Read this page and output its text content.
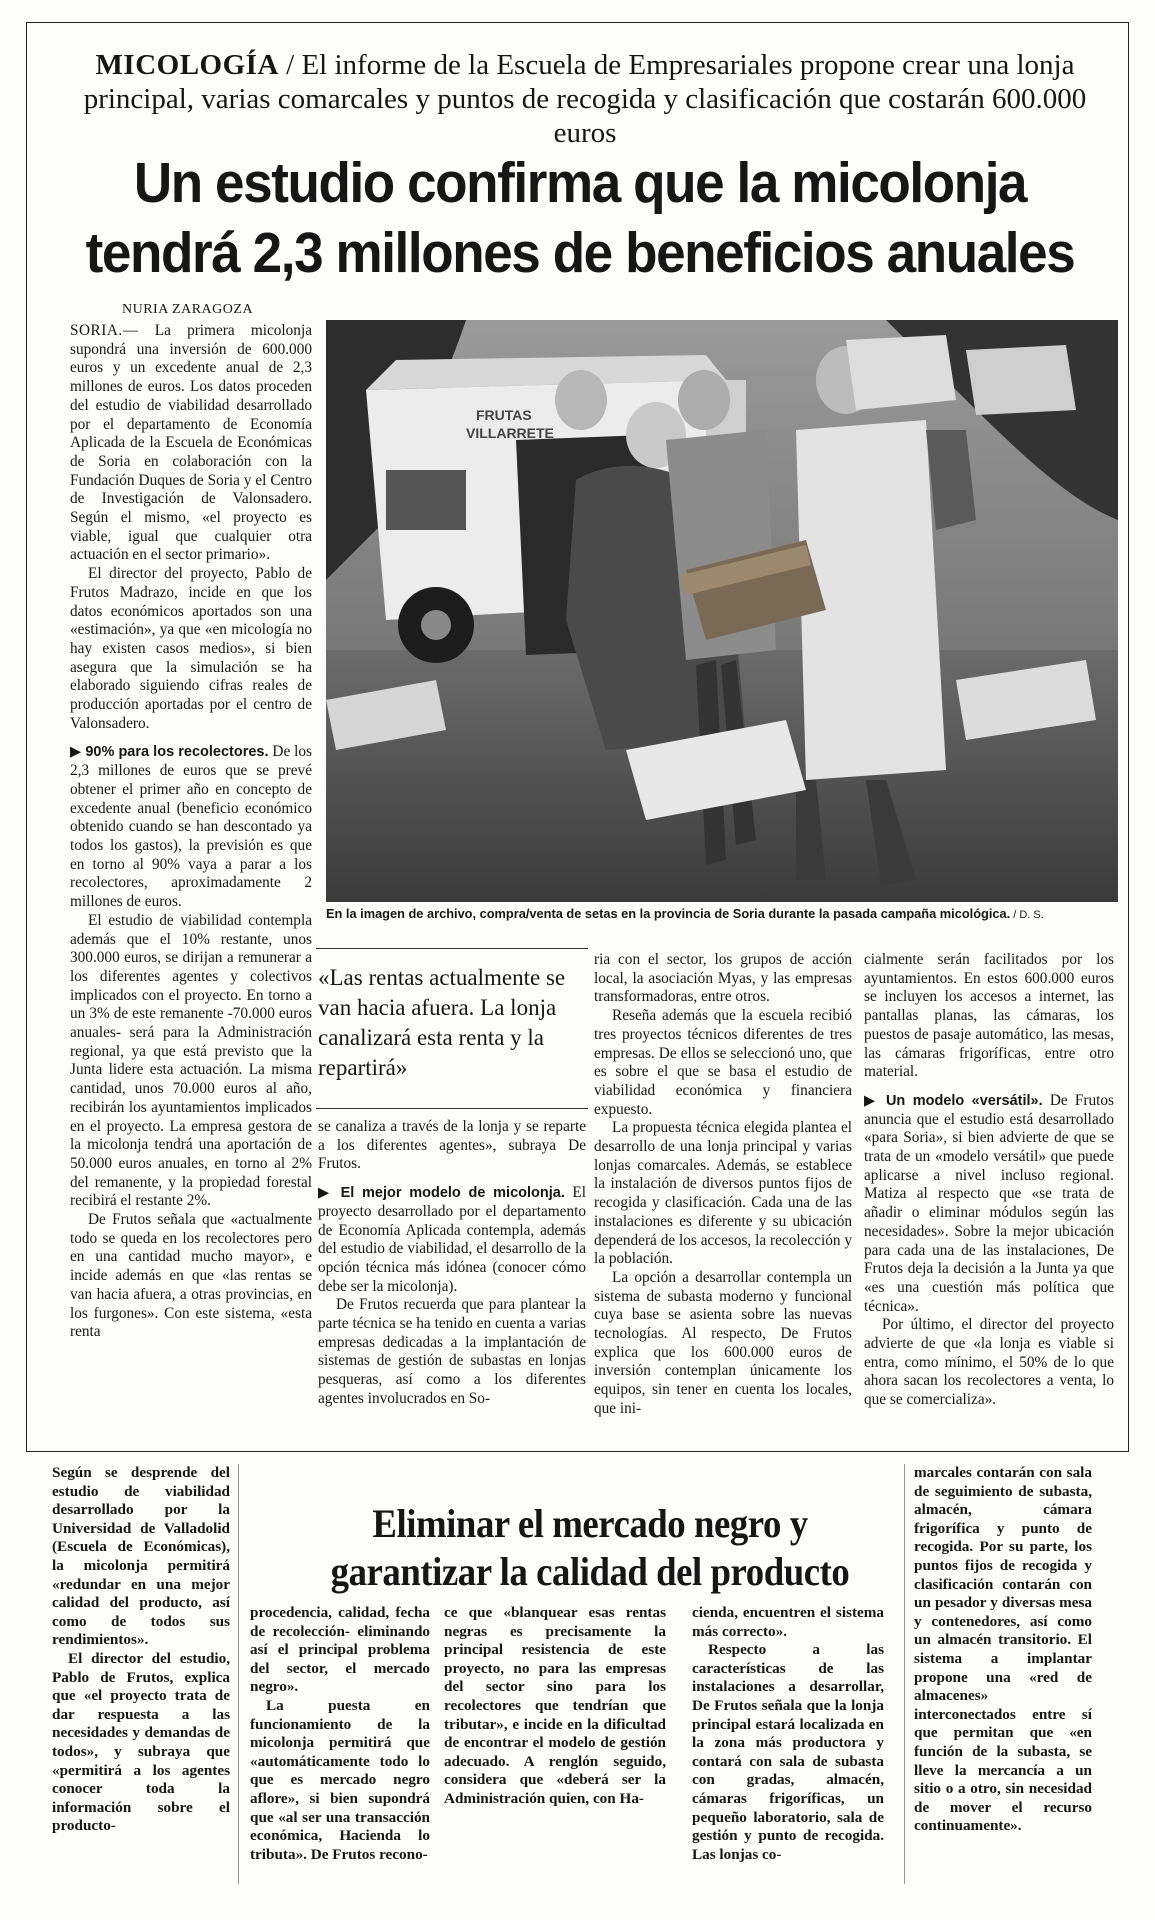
MICOLOGÍA / El informe de la Escuela de Empresariales propone crear una lonja principal, varias comarcales y puntos de recogida y clasificación que costarán 600.000 euros
Un estudio confirma que la micolonja
tendrá 2,3 millones de beneficios anuales
NURIA ZARAGOZA

SORIA.— La primera micolonja supondrá una inversión de 600.000 euros y un excedente anual de 2,3 millones de euros. Los datos proceden del estudio de viabilidad desarrollado por el departamento de Economía Aplicada de la Escuela de Económicas de Soria en colaboración con la Fundación Duques de Soria y el Centro de Investigación de Valonsadero. Según el mismo, «el proyecto es viable, igual que cualquier otra actuación en el sector primario».

El director del proyecto, Pablo de Frutos Madrazo, incide en que los datos económicos aportados son una «estimación», ya que «en micología no hay existen casos medios», si bien asegura que la simulación se ha elaborado siguiendo cifras reales de producción aportadas por el centro de Valonsadero.

▶ 90% para los recolectores. De los 2,3 millones de euros que se prevé obtener el primer año en concepto de excedente anual (beneficio económico obtenido cuando se han descontado ya todos los gastos), la previsión es que en torno al 90% vaya a parar a los recolectores, aproximadamente 2 millones de euros.

El estudio de viabilidad contempla además que el 10% restante, unos 300.000 euros, se dirijan a remunerar a los diferentes agentes y colectivos implicados con el proyecto. En torno a un 3% de este remanente -70.000 euros anuales- será para la Administración regional, ya que está previsto que la Junta lidere esta actuación. La misma cantidad, unos 70.000 euros al año, recibirán los ayuntamientos implicados en el proyecto. La empresa gestora de la micolonja tendrá una aportación de 50.000 euros anuales, en torno al 2% del remanente, y la propiedad forestal recibirá el restante 2%.

De Frutos señala que «actualmente todo se queda en los recolectores pero en una cantidad mucho mayor», e incide además en que «las rentas se van hacia afuera, a otras provincias, en los furgones». Con este sistema, «esta renta

FRUTAS
VILLARRETE
En la imagen de archivo, compra/venta de setas en la provincia de Soria durante la pasada campaña micológica. / D. S.
«Las rentas actualmente se van hacia afuera. La lonja canalizará esta renta y la repartirá»

se canaliza a través de la lonja y se reparte a los diferentes agentes», subraya De Frutos.

▶ El mejor modelo de micolonja. El proyecto desarrollado por el departamento de Economía Aplicada contempla, además del estudio de viabilidad, el desarrollo de la opción técnica más idónea (conocer cómo debe ser la micolonja).

De Frutos recuerda que para plantear la parte técnica se ha tenido en cuenta a varias empresas dedicadas a la implantación de sistemas de gestión de subastas en lonjas pesqueras, así como a los diferentes agentes involucrados en So-

ria con el sector, los grupos de acción local, la asociación Myas, y las empresas transformadoras, entre otros.

Reseña además que la escuela recibió tres proyectos técnicos diferentes de tres empresas. De ellos se seleccionó uno, que es sobre el que se basa el estudio de viabilidad económica y financiera expuesto.

La propuesta técnica elegida plantea el desarrollo de una lonja principal y varias lonjas comarcales. Además, se establece la instalación de diversos puntos fijos de recogida y clasificación. Cada una de las instalaciones es diferente y su ubicación dependerá de los accesos, la recolección y la población.

La opción a desarrollar contempla un sistema de subasta moderno y funcional cuya base se asienta sobre las nuevas tecnologías. Al respecto, De Frutos explica que los 600.000 euros de inversión contemplan únicamente los equipos, sin tener en cuenta los locales, que ini-

cialmente serán facilitados por los ayuntamientos. En estos 600.000 euros se incluyen los accesos a internet, las pantallas planas, las cámaras, los puestos de pasaje automático, las mesas, las cámaras frigoríficas, entre otro material.

▶ Un modelo «versátil». De Frutos anuncia que el estudio está desarrollado «para Soria», si bien advierte de que se trata de un «modelo versátil» que puede aplicarse a nivel incluso regional. Matiza al respecto que «se trata de añadir o eliminar módulos según las necesidades». Sobre la mejor ubicación para cada una de las instalaciones, De Frutos deja la decisión a la Junta ya que «es una cuestión más política que técnica».

Por último, el director del proyecto advierte de que «la lonja es viable si entra, como mínimo, el 50% de lo que ahora sacan los recolectores a venta, lo que se comercializa».

Eliminar el mercado negro y
garantizar la calidad del producto

Según se desprende del estudio de viabilidad desarrollado por la Universidad de Valladolid (Escuela de Económicas), la micolonja permitirá «redundar en una mejor calidad del producto, así como de todos sus rendimientos».

El director del estudio, Pablo de Frutos, explica que «el proyecto trata de dar respuesta a las necesidades y demandas de todos», y subraya que «permitirá a los agentes conocer toda la información sobre el producto-

procedencia, calidad, fecha de recolección- eliminando así el principal problema del sector, el mercado negro».

La puesta en funcionamiento de la micolonja permitirá que «automáticamente todo lo que es mercado negro aflore», si bien supondrá que «al ser una transacción económica, Hacienda lo tributa». De Frutos recono-

ce que «blanquear esas rentas negras es precisamente la principal resistencia de este proyecto, no para las empresas del sector sino para los recolectores que tendrían que tributar», e incide en la dificultad de encontrar el modelo de gestión adecuado. A renglón seguido, considera que «deberá ser la Administración quien, con Ha-

cienda, encuentren el sistema más correcto».

Respecto a las características de las instalaciones a desarrollar, De Frutos señala que la lonja principal estará localizada en la zona más productora y contará con sala de subasta con gradas, almacén, cámaras frigoríficas, un pequeño laboratorio, sala de gestión y punto de recogida. Las lonjas co-

marcales contarán con sala de seguimiento de subasta, almacén, cámara frigorífica y punto de recogida. Por su parte, los puntos fijos de recogida y clasificación contarán con un pesador y diversas mesa y contenedores, así como un almacén transitorio. El sistema a implantar propone una «red de almacenes» interconectados entre sí que permitan que «en función de la subasta, se lleve la mercancía a un sitio o a otro, sin necesidad de mover el recurso continuamente».
